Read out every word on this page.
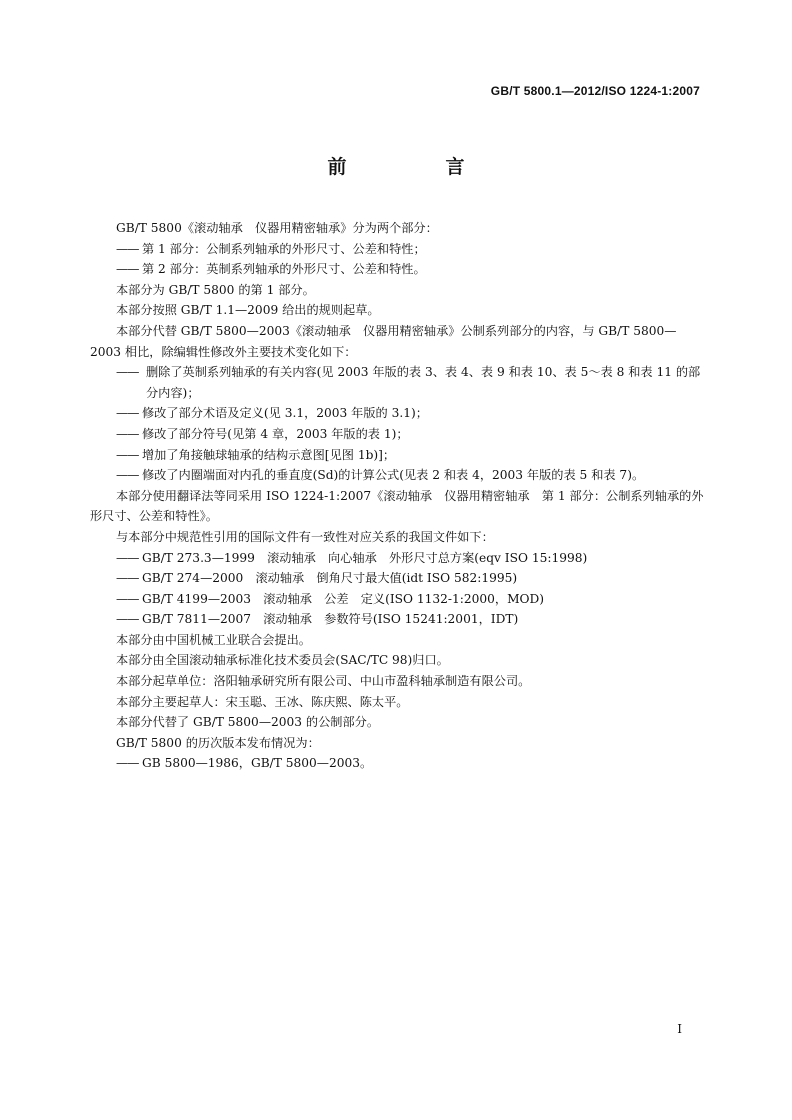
GB/T 5800.1—2012/ISO 1224-1:2007
前　言

GB/T 5800《滚动轴承　仪器用精密轴承》分为两个部分：

——第 1 部分：公制系列轴承的外形尺寸、公差和特性；

——第 2 部分：英制系列轴承的外形尺寸、公差和特性。

本部分为 GB/T 5800 的第 1 部分。

本部分按照 GB/T 1.1—2009 给出的规则起草。

本部分代替 GB/T 5800—2003《滚动轴承　仪器用精密轴承》公制系列部分的内容，与 GB/T 5800—2003 相比，除编辑性修改外主要技术变化如下：

——删除了英制系列轴承的有关内容(见 2003 年版的表 3、表 4、表 9 和表 10、表 5～表 8 和表 11 的部分内容)；

——修改了部分术语及定义(见 3.1，2003 年版的 3.1)；

——修改了部分符号(见第 4 章，2003 年版的表 1)；

——增加了角接触球轴承的结构示意图[见图 1b)]；

——修改了内圈端面对内孔的垂直度(Sd)的计算公式(见表 2 和表 4，2003 年版的表 5 和表 7)。

本部分使用翻译法等同采用 ISO 1224-1:2007《滚动轴承　仪器用精密轴承　第 1 部分：公制系列轴承的外形尺寸、公差和特性》。

与本部分中规范性引用的国际文件有一致性对应关系的我国文件如下：

——GB/T 273.3—1999　滚动轴承　向心轴承　外形尺寸总方案(eqv ISO 15:1998)

——GB/T 274—2000　滚动轴承　倒角尺寸最大值(idt ISO 582:1995)

——GB/T 4199—2003　滚动轴承　公差　定义(ISO 1132-1:2000，MOD)

——GB/T 7811—2007　滚动轴承　参数符号(ISO 15241:2001，IDT)

本部分由中国机械工业联合会提出。

本部分由全国滚动轴承标准化技术委员会(SAC/TC 98)归口。

本部分起草单位：洛阳轴承研究所有限公司、中山市盈科轴承制造有限公司。

本部分主要起草人：宋玉聪、王冰、陈庆熙、陈太平。

本部分代替了 GB/T 5800—2003 的公制部分。

GB/T 5800 的历次版本发布情况为：

——GB 5800—1986，GB/T 5800—2003。

I
